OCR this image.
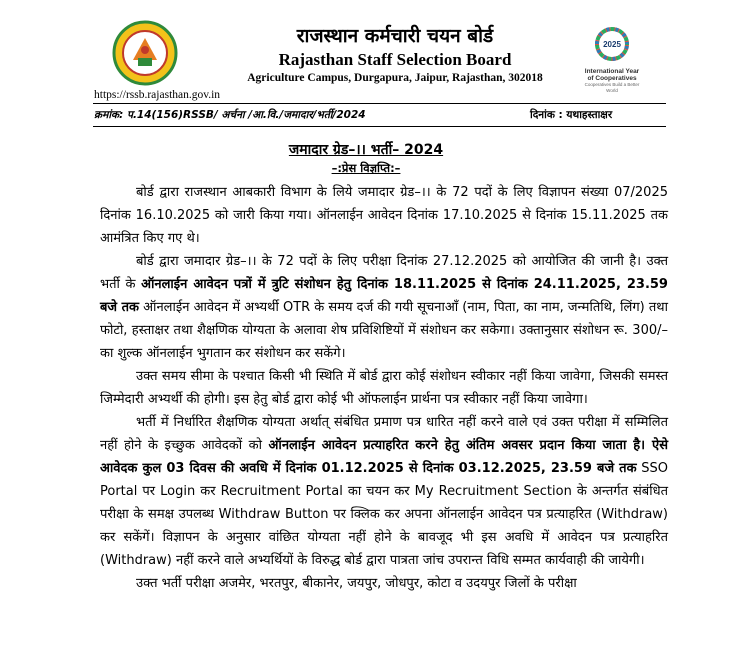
राजस्थान कर्मचारी चयन बोर्ड
Rajasthan Staff Selection Board
Agriculture Campus, Durgapura, Jaipur, Rajasthan, 302018
2025
International Year
of Cooperatives
Cooperatives Build a Better World
https://rssb.rajasthan.gov.in
क्रमांक: प.14(156)RSSB/ अर्चना /आ.वि./जमादार/भर्ती/2024	दिनांक : यथाहस्ताक्षर
जमादार ग्रेड–।। भर्ती– 2024
–:प्रेस विज्ञप्ति:–

बोर्ड द्वारा राजस्थान आबकारी विभाग के लिये जमादार ग्रेड–।। के 72 पदों के लिए विज्ञापन संख्या 07/2025 दिनांक 16.10.2025 को जारी किया गया। ऑनलाईन आवेदन दिनांक 17.10.2025 से दिनांक 15.11.2025 तक आमंत्रित किए गए थे।

बोर्ड द्वारा जमादार ग्रेड–।। के 72 पदों के लिए परीक्षा दिनांक 27.12.2025 को आयोजित की जानी है। उक्त भर्ती के ऑनलाईन आवेदन पत्रों में त्रुटि संशोधन हेतु दिनांक 18.11.2025 से दिनांक 24.11.2025, 23.59 बजे तक ऑनलाईन आवेदन में अभ्यर्थी OTR के समय दर्ज की गयी सूचनाऑं (नाम, पिता, का नाम, जन्मतिथि, लिंग) तथा फोटो, हस्ताक्षर तथा शैक्षणिक योग्यता के अलावा शेष प्रविशिष्टियों में संशोधन कर सकेगा। उक्तानुसार संशोधन रू. 300/– का शुल्क ऑनलाईन भुगतान कर संशोधन कर सकेंगे।

उक्त समय सीमा के पश्चात किसी भी स्थिति में बोर्ड द्वारा कोई संशोधन स्वीकार नहीं किया जावेगा, जिसकी समस्त जिम्मेदारी अभ्यर्थी की होगी। इस हेतु बोर्ड द्वारा कोई भी ऑफलाईन प्रार्थना पत्र स्वीकार नहीं किया जावेगा।

भर्ती में निर्धारित शैक्षणिक योग्यता अर्थात् संबंधित प्रमाण पत्र धारित नहीं करने वाले एवं उक्त परीक्षा में सम्मिलित नहीं होने के इच्छुक आवेदकों को ऑनलाईन आवेदन प्रत्याहरित करने हेतु अंतिम अवसर प्रदान किया जाता है। ऐसे आवेदक कुल 03 दिवस की अवधि में दिनांक 01.12.2025 से दिनांक 03.12.2025, 23.59 बजे तक SSO Portal पर Login कर Recruitment Portal का चयन कर My Recruitment Section के अन्तर्गत संबंधित परीक्षा के समक्ष उपलब्ध Withdraw Button पर क्लिक कर अपना ऑनलाईन आवेदन पत्र प्रत्याहरित (Withdraw) कर सकेंगें। विज्ञापन के अनुसार वांछित योग्यता नहीं होने के बावजूद भी इस अवधि में आवेदन पत्र प्रत्याहरित (Withdraw) नहीं करने वाले अभ्यर्थियों के विरुद्ध बोर्ड द्वारा पात्रता जांच उपरान्त विधि सम्मत कार्यवाही की जायेगी।

उक्त भर्ती परीक्षा अजमेर, भरतपुर, बीकानेर, जयपुर, जोधपुर, कोटा व उदयपुर जिलों के परीक्षा
